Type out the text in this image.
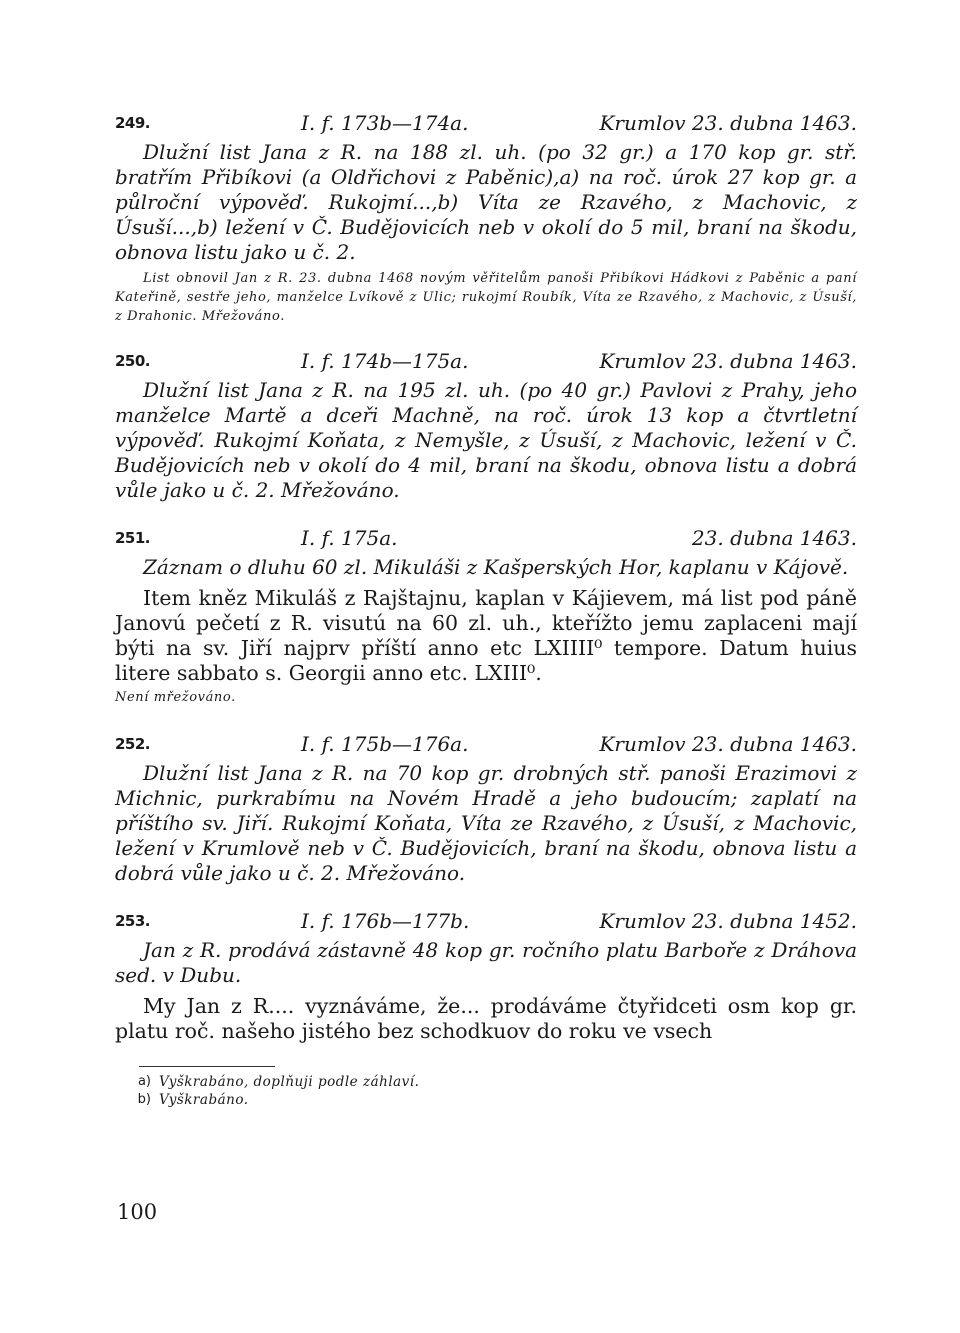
249.	I. f. 173b—174a.	Krumlov 23. dubna 1463.

Dlužní list Jana z R. na 188 zl. uh. (po 32 gr.) a 170 kop gr. stř. bratřím Přibíkovi (a Oldřichovi z Paběnic),a) na roč. úrok 27 kop gr. a půlroční výpověď. Rukojmí...,b) Víta ze Rzavého, z Machovic, z Úsuší...,b) ležení v Č. Budějovicích neb v okolí do 5 mil, braní na škodu, obnova listu jako u č. 2.

List obnovil Jan z R. 23. dubna 1468 novým věřitelům panoši Přibíkovi Hádkovi z Paběnic a paní Kateřině, sestře jeho, manželce Lvíkově z Ulic; rukojmí Roubík, Víta ze Rzavého, z Machovic, z Úsuší, z Drahonic. Mřežováno.

250.	I. f. 174b—175a.	Krumlov 23. dubna 1463.

Dlužní list Jana z R. na 195 zl. uh. (po 40 gr.) Pavlovi z Prahy, jeho manželce Martě a dceři Machně, na roč. úrok 13 kop a čtvrtletní výpověď. Rukojmí Koňata, z Nemyšle, z Úsuší, z Machovic, ležení v Č. Budějovicích neb v okolí do 4 mil, braní na škodu, obnova listu a dobrá vůle jako u č. 2. Mřežováno.

251.	I. f. 175a.	23. dubna 1463.

Záznam o dluhu 60 zl. Mikuláši z Kašperských Hor, kaplanu v Kájově.

Item kněz Mikuláš z Rajštajnu, kaplan v Kájievem, má list pod páně Janovú pečetí z R. visutú na 60 zl. uh., kteřížto jemu zaplaceni mají býti na sv. Jiří najprv příští anno etc LXIIII⁰ tempore. Datum huius litere sabbato s. Georgii anno etc. LXIII⁰.

Není mřežováno.

252.	I. f. 175b—176a.	Krumlov 23. dubna 1463.

Dlužní list Jana z R. na 70 kop gr. drobných stř. panoši Erazimovi z Michnic, purkrabímu na Novém Hradě a jeho budoucím; zaplatí na příštího sv. Jiří. Rukojmí Koňata, Víta ze Rzavého, z Úsuší, z Machovic, ležení v Krumlově neb v Č. Budějovicích, braní na škodu, obnova listu a dobrá vůle jako u č. 2. Mřežováno.

253.	I. f. 176b—177b.	Krumlov 23. dubna 1452.

Jan z R. prodává zástavně 48 kop gr. ročního platu Barboře z Dráhova sed. v Dubu.

My Jan z R.... vyznáváme, že... prodáváme čtyřidceti osm kop gr. platu roč. našeho jistého bez schodkuov do roku ve vsech

a) Vyškrabáno, doplňuji podle záhlaví.
b) Vyškrabáno.
100
